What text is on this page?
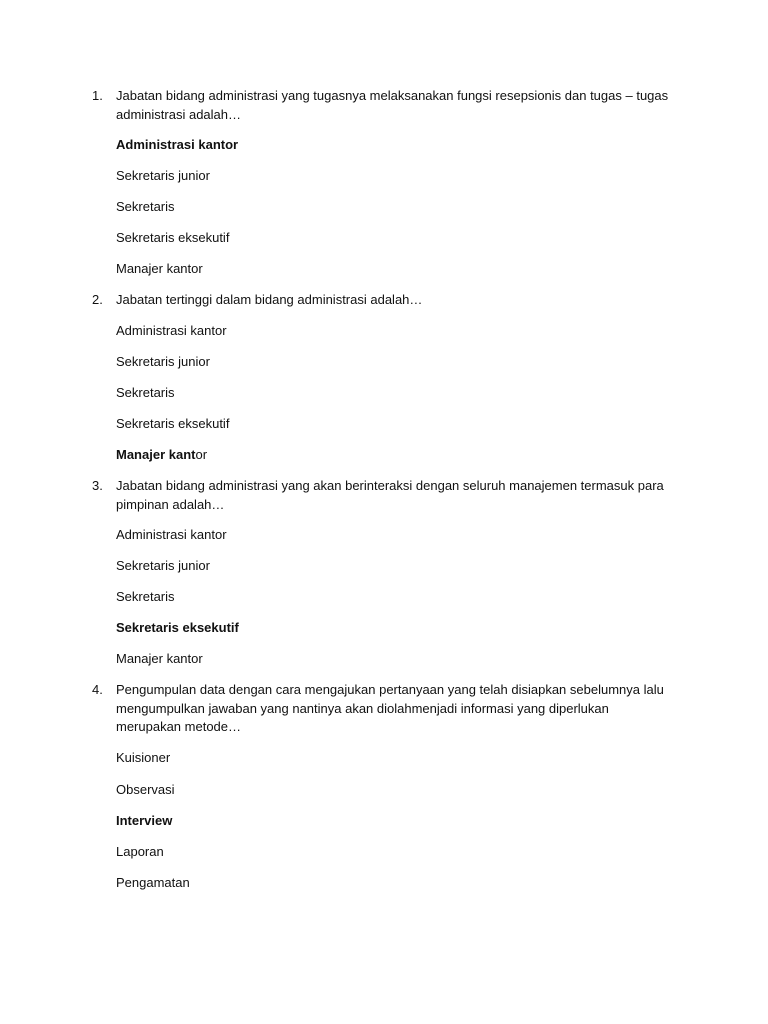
1. Jabatan bidang administrasi yang tugasnya melaksanakan fungsi resepsionis dan tugas – tugas administrasi adalah…
Administrasi kantor
Sekretaris junior
Sekretaris
Sekretaris eksekutif
Manajer kantor
2. Jabatan tertinggi dalam bidang administrasi adalah…
Administrasi kantor
Sekretaris junior
Sekretaris
Sekretaris eksekutif
Manajer kantor
3. Jabatan bidang administrasi yang akan berinteraksi dengan seluruh manajemen termasuk para pimpinan adalah…
Administrasi kantor
Sekretaris junior
Sekretaris
Sekretaris eksekutif
Manajer kantor
4. Pengumpulan data dengan cara mengajukan pertanyaan yang telah disiapkan sebelumnya lalu mengumpulkan jawaban yang nantinya akan diolahmenjadi informasi yang diperlukan merupakan metode…
Kuisioner
Observasi
Interview
Laporan
Pengamatan
